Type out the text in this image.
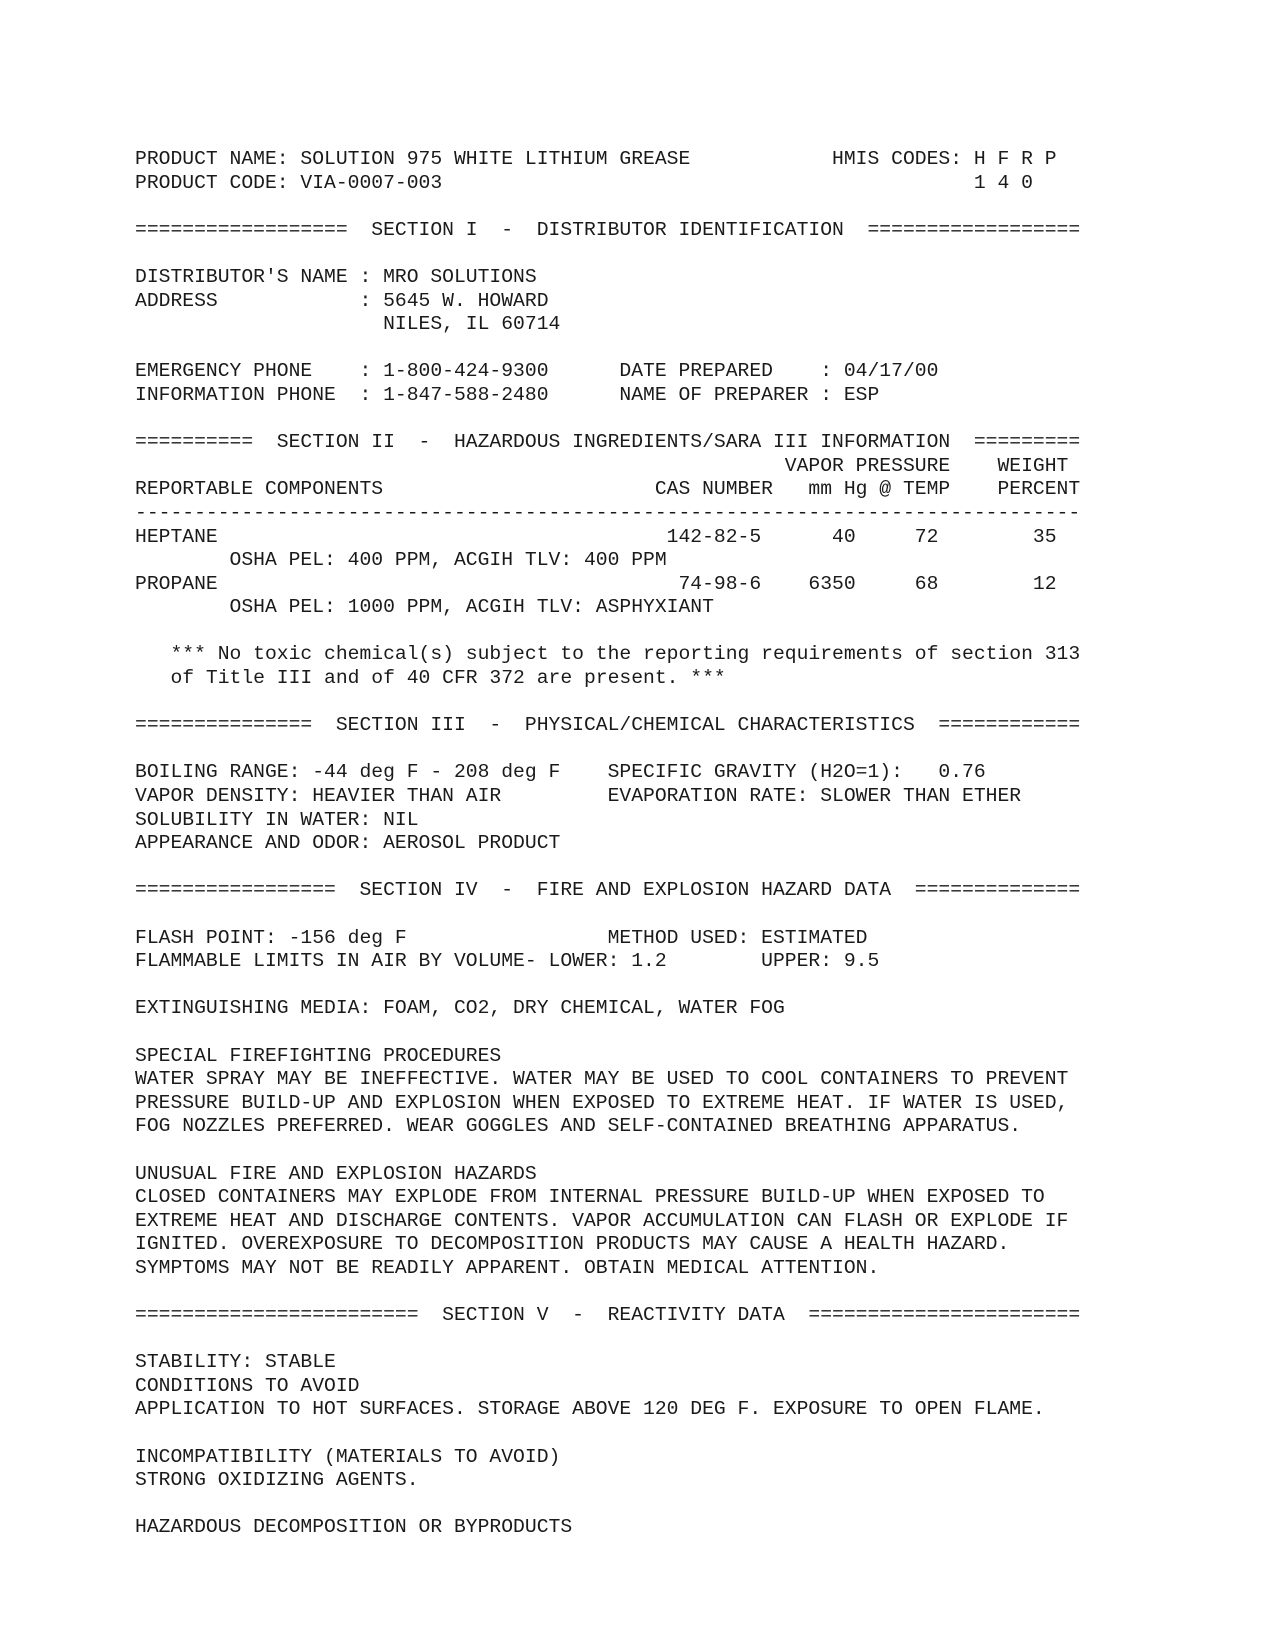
PRODUCT NAME: SOLUTION 975 WHITE LITHIUM GREASE            HMIS CODES: H F R P
PRODUCT CODE: VIA-0007-003                                             1 4 0

==================  SECTION I  -  DISTRIBUTOR IDENTIFICATION  ==================

DISTRIBUTOR'S NAME : MRO SOLUTIONS
ADDRESS            : 5645 W. HOWARD
NILES, IL 60714

EMERGENCY PHONE    : 1-800-424-9300      DATE PREPARED    : 04/17/00
INFORMATION PHONE  : 1-847-588-2480      NAME OF PREPARER : ESP

==========  SECTION II  -  HAZARDOUS INGREDIENTS/SARA III INFORMATION  =========
VAPOR PRESSURE    WEIGHT
REPORTABLE COMPONENTS                       CAS NUMBER   mm Hg @ TEMP    PERCENT
--------------------------------------------------------------------------------
HEPTANE                                      142-82-5      40     72        35
OSHA PEL: 400 PPM, ACGIH TLV: 400 PPM
PROPANE                                       74-98-6    6350     68        12
OSHA PEL: 1000 PPM, ACGIH TLV: ASPHYXIANT

*** No toxic chemical(s) subject to the reporting requirements of section 313
of Title III and of 40 CFR 372 are present. ***

===============  SECTION III  -  PHYSICAL/CHEMICAL CHARACTERISTICS  ============

BOILING RANGE: -44 deg F - 208 deg F    SPECIFIC GRAVITY (H2O=1):   0.76
VAPOR DENSITY: HEAVIER THAN AIR         EVAPORATION RATE: SLOWER THAN ETHER
SOLUBILITY IN WATER: NIL
APPEARANCE AND ODOR: AEROSOL PRODUCT

=================  SECTION IV  -  FIRE AND EXPLOSION HAZARD DATA  ==============

FLASH POINT: -156 deg F                 METHOD USED: ESTIMATED
FLAMMABLE LIMITS IN AIR BY VOLUME- LOWER: 1.2        UPPER: 9.5

EXTINGUISHING MEDIA: FOAM, CO2, DRY CHEMICAL, WATER FOG

SPECIAL FIREFIGHTING PROCEDURES
WATER SPRAY MAY BE INEFFECTIVE. WATER MAY BE USED TO COOL CONTAINERS TO PREVENT
PRESSURE BUILD-UP AND EXPLOSION WHEN EXPOSED TO EXTREME HEAT. IF WATER IS USED,
FOG NOZZLES PREFERRED. WEAR GOGGLES AND SELF-CONTAINED BREATHING APPARATUS.

UNUSUAL FIRE AND EXPLOSION HAZARDS
CLOSED CONTAINERS MAY EXPLODE FROM INTERNAL PRESSURE BUILD-UP WHEN EXPOSED TO
EXTREME HEAT AND DISCHARGE CONTENTS. VAPOR ACCUMULATION CAN FLASH OR EXPLODE IF
IGNITED. OVEREXPOSURE TO DECOMPOSITION PRODUCTS MAY CAUSE A HEALTH HAZARD.
SYMPTOMS MAY NOT BE READILY APPARENT. OBTAIN MEDICAL ATTENTION.

========================  SECTION V  -  REACTIVITY DATA  =======================

STABILITY: STABLE
CONDITIONS TO AVOID
APPLICATION TO HOT SURFACES. STORAGE ABOVE 120 DEG F. EXPOSURE TO OPEN FLAME.

INCOMPATIBILITY (MATERIALS TO AVOID)
STRONG OXIDIZING AGENTS.

HAZARDOUS DECOMPOSITION OR BYPRODUCTS
